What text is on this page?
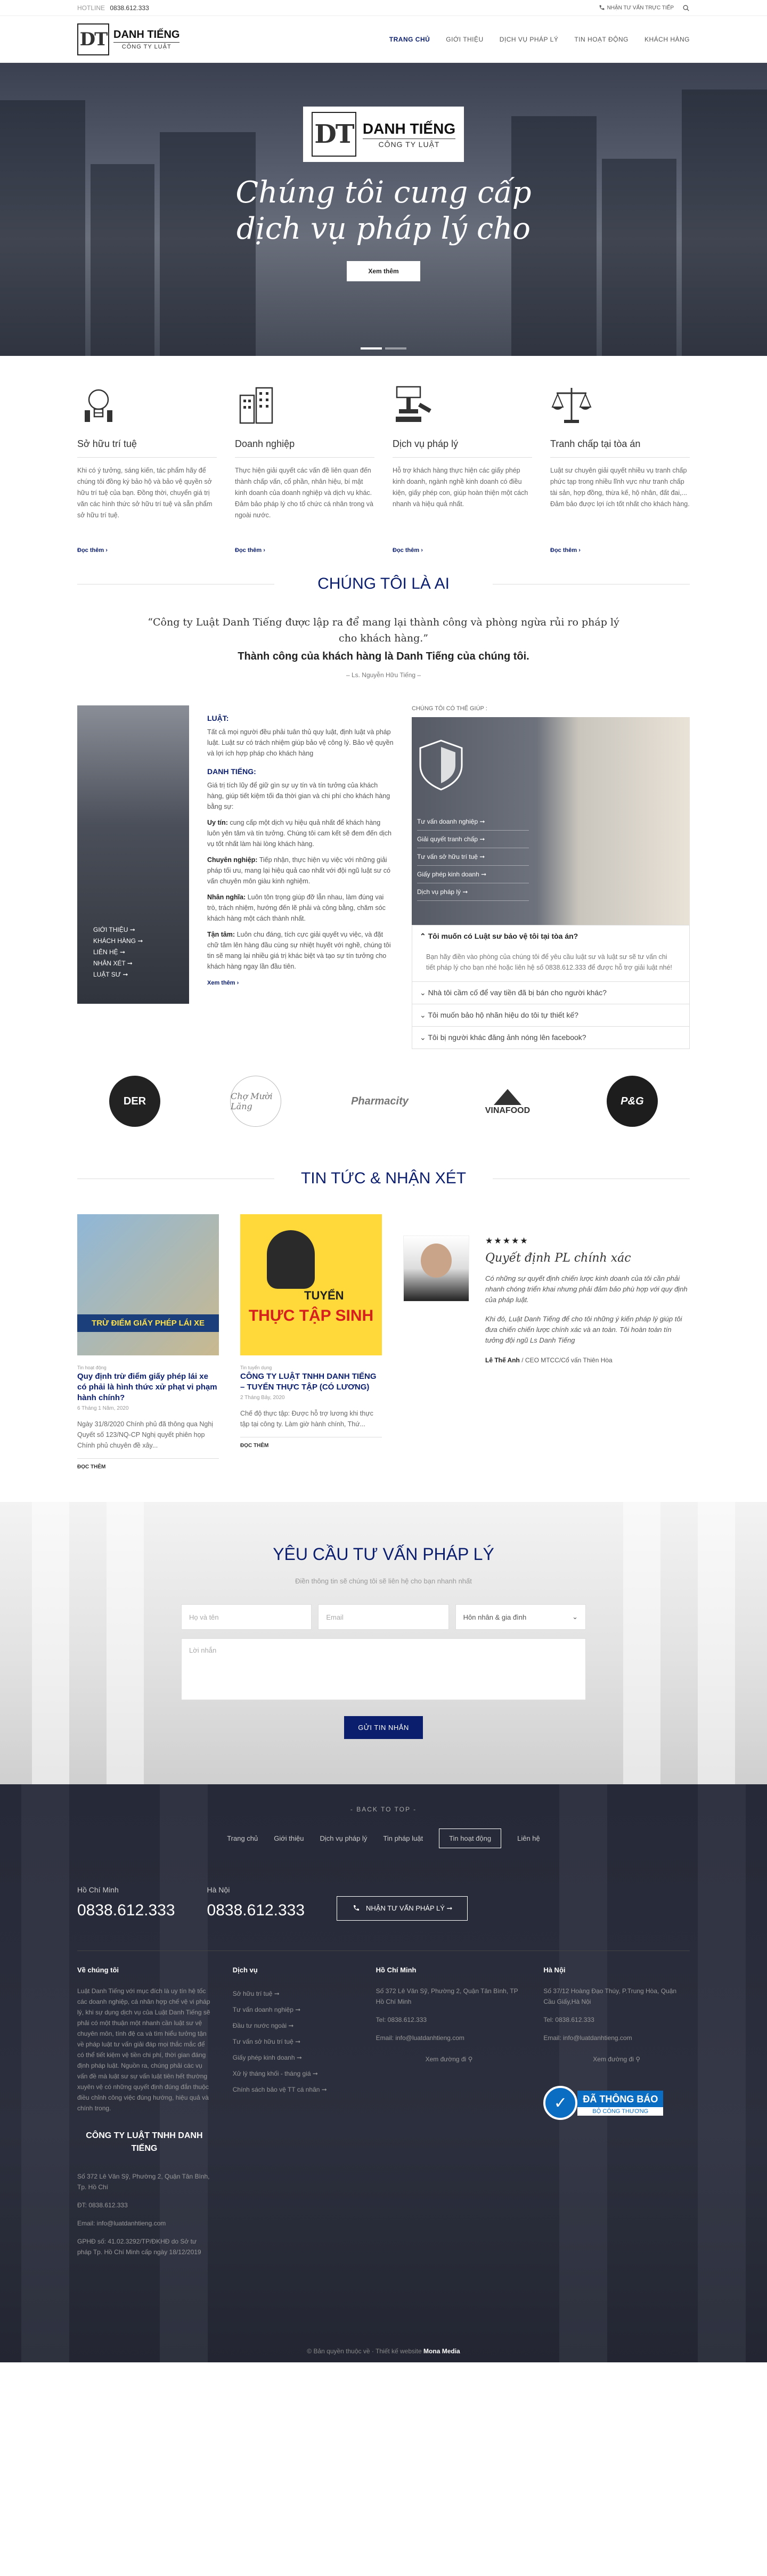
HOTLINE 0838.612.333	NHẬN TƯ VẤN TRỰC TIẾP
DT DANH TIẾNG
CÔNG TY LUẬT
TRANG CHỦ	GIỚI THIỆU	DỊCH VỤ PHÁP LÝ	TIN HOẠT ĐỘNG	KHÁCH HÀNG
DT DANH TIẾNG
CÔNG TY LUẬT
Chúng tôi cung cấp
dịch vụ pháp lý cho
Xem thêm
Sở hữu trí tuệ

Khi có ý tưởng, sáng kiến, tác phẩm hãy để chúng tôi đồng ký bảo hộ và bảo vệ quyền sở hữu trí tuệ của bạn. Đồng thời, chuyển giá trị văn các hình thức sở hữu trí tuệ và sẵn phẩm sở hữu trí tuệ.

Đọc thêm ›
Doanh nghiệp

Thực hiện giải quyết các vấn đề liên quan đến thành chấp vấn, cổ phần, nhân hiệu, bí mật kinh doanh của doanh nghiệp và dịch vụ khác. Đảm bảo pháp lý cho tổ chức cá nhân trong và ngoài nước.

Đọc thêm ›
Dịch vụ pháp lý

Hỗ trợ khách hàng thực hiện các giấy phép kinh doanh, ngành nghề kinh doanh có điều kiện, giấy phép con, giúp hoàn thiện một cách nhanh và hiệu quả nhất.

Đọc thêm ›
Tranh chấp tại tòa án

Luật sư chuyên giải quyết nhiều vụ tranh chấp phức tạp trong nhiều lĩnh vực như tranh chấp tài sản, hợp đồng, thừa kế, hộ nhân, đất đai,... Đảm bảo được lợi ích tốt nhất cho khách hàng.

Đọc thêm ›
CHÚNG TÔI LÀ AI

“Công ty Luật Danh Tiếng được lập ra để mang lại thành công và phòng ngừa rủi ro pháp lý cho khách hàng.”

Thành công của khách hàng là Danh Tiếng của chúng tôi.

– Ls. Nguyễn Hữu Tiếng –

GIỚI THIỆU ➞
KHÁCH HÀNG ➞
LIÊN HỆ ➞
NHÂN XÉT ➞
LUẬT SƯ ➞
LUẬT:

Tất cả mọi người đều phải tuân thủ quy luật, định luật và pháp luật. Luật sư có trách nhiệm giúp bảo vệ công lý. Bảo vệ quyền và lợi ích hợp pháp cho khách hàng

DANH TIẾNG:

Giá trị tích lũy để giữ gìn sự uy tín và tín tưởng của khách hàng, giúp tiết kiệm tối đa thời gian và chi phí cho khách hàng bằng sự:

Uy tín: cung cấp một dịch vụ hiệu quả nhất để khách hàng luôn yên tâm và tín tưởng. Chúng tôi cam kết sẽ đem đến dịch vụ tốt nhất làm hài lòng khách hàng.

Chuyên nghiệp: Tiếp nhận, thực hiện vụ việc với những giải pháp tối ưu, mang lại hiệu quả cao nhất với đội ngũ luật sư có vấn chuyên môn giàu kinh nghiệm.

Nhân nghĩa: Luôn tôn trọng giúp đỡ lẫn nhau, làm đúng vai trò, trách nhiệm, hướng đến lẽ phải và công bằng, chăm sóc khách hàng một cách thành nhất.

Tận tâm: Luôn chu đáng, tích cực giải quyết vụ việc, và đặt chữ tâm lên hàng đầu cùng sự nhiệt huyết với nghề, chúng tôi tin sẽ mang lại nhiều giá trị khác biệt và tạo sự tín tưởng cho khách hàng ngay lần đầu tiên.

Xem thêm ›
CHÚNG TÔI CÓ THỂ GIÚP :
Tư vấn doanh nghiệp ➞
Giải quyết tranh chấp ➞
Tư vấn sở hữu trí tuệ ➞
Giấy phép kinh doanh ➞
Dịch vụ pháp lý ➞
⌃ Tôi muốn có Luật sư bảo vệ tôi tại tòa án?
Bạn hãy điền vào phòng của chúng tôi để yêu cầu luật sư và luật sư sẽ tư vấn chi tiết pháp lý cho bạn nhé hoặc liên hệ số 0838.612.333 để được hỗ trợ giải luật nhé!
⌄ Nhà tôi cầm cố để vay tiền đã bị bán cho người khác?
⌄ Tôi muốn bảo hộ nhãn hiệu do tôi tự thiết kế?
⌄ Tôi bị người khác đăng ảnh nóng lên facebook?
DER	Chợ Mười Lăng	Pharmacity
VINAFOOD
P&G
TIN TỨC & NHẬN XÉT
TRỪ ĐIỂM GIẤY PHÉP LÁI XE
Tin hoạt động
Quy định trừ điểm giấy phép lái xe có phải là hình thức xử phạt vi phạm hành chính?
6 Tháng 1 Năm, 2020

Ngày 31/8/2020 Chính phủ đã thông qua Nghị Quyết số 123/NQ-CP Nghị quyết phiên họp Chính phủ chuyên đề xây...

ĐỌC THÊM
TUYỂN
THỰC TẬP SINH
Tin tuyển dụng
CÔNG TY LUẬT TNHH DANH TIẾNG – TUYỂN THỰC TẬP (CÓ LƯƠNG)
2 Tháng Bảy, 2020

Chế độ thực tập: Được hỗ trợ lương khi thực tập tại công ty. Làm giờ hành chính, Thứ...

ĐỌC THÊM
★★★★★
Quyết định PL chính xác

Có những sự quyết định chiến lược kinh doanh của tôi cần phải nhanh chóng triển khai nhưng phải đảm bảo phù hợp với quy định của pháp luật.

Khi đó, Luật Danh Tiếng để cho tôi những ý kiến pháp lý giúp tôi đưa chiến chiến lược chính xác và an toàn. Tôi hoàn toàn tín tưởng đội ngũ Ls Danh Tiếng

Lê Thế Anh / CEO MTCC/Cổ vấn Thiên Hòa
YÊU CẦU TƯ VẤN PHÁP LÝ

Điền thông tin sẽ chúng tôi sẽ liên hệ cho bạn nhanh nhất

Họ và tên	Email	Hôn nhân & gia đình	⌄
Lời nhắn
GỬI TIN NHẮN
- BACK TO TOP -
Trang chủ Giới thiệu Dịch vụ pháp lý Tin pháp luật	Tin hoạt động	Liên hệ
Hồ Chí Minh
0838.612.333
Hà Nội
0838.612.333	NHẬN TƯ VẤN PHÁP LÝ ➞
Về chúng tôi
Luật Danh Tiếng với mục đích là uy tín hệ tốc các doanh nghiệp, cá nhân hợp chế vệ vi pháp lý, khi sự dụng dịch vụ của Luật Danh Tiếng sẽ phải có một thuận một nhanh cần luật sư vệ chuyên môn, tính đệ ca và tìm hiểu tưởng tận về pháp luật tư vấn giải đáp mọi thắc mắc để có thể tiết kiệm vệ tiền chi phí, thời gian đáng định pháp luật. Nguồn ra, chúng phải các vụ vấn đề mà luật sư sự vấn luật tiên hết thường xuyên vệ có những quyết định đúng đắn thuộc điều chỉnh công việc đúng hướng, hiệu quả và chính trong.
CÔNG TY LUẬT TNHH DANH TIẾNG
Số 372 Lê Văn Sỹ, Phường 2, Quận Tân Bình, Tp. Hồ Chí
ĐT: 0838.612.333
Email: info@luatdanhtieng.com
GPHĐ số: 41.02.3292/TP/ĐKHĐ do Sở tư pháp Tp. Hồ Chí Minh cấp ngày 18/12/2019
Dịch vụ
Sở hữu trí tuệ ➞
Tư vấn doanh nghiệp ➞
Đầu tư nước ngoài ➞
Tư vấn sở hữu trí tuệ ➞
Giấy phép kinh doanh ➞
Xử lý tháng khối - tháng giá ➞
Chính sách bảo vệ TT cá nhân ➞
Hồ Chí Minh
Số 372 Lê Văn Sỹ, Phường 2, Quận Tân Bình, TP Hồ Chí Minh
Tel: 0838.612.333
Email: info@luatdanhtieng.com
Xem đường đi ⚲
Hà Nội
Số 37/12 Hoàng Đạo Thúy, P.Trung Hòa, Quận Cầu Giấy,Hà Nội
Tel: 0838.612.333
Email: info@luatdanhtieng.com
Xem đường đi ⚲
✓	ĐÃ THÔNG BÁO
BỘ CÔNG THƯƠNG
© Bản quyền thuộc về · Thiết kế website Mona Media
